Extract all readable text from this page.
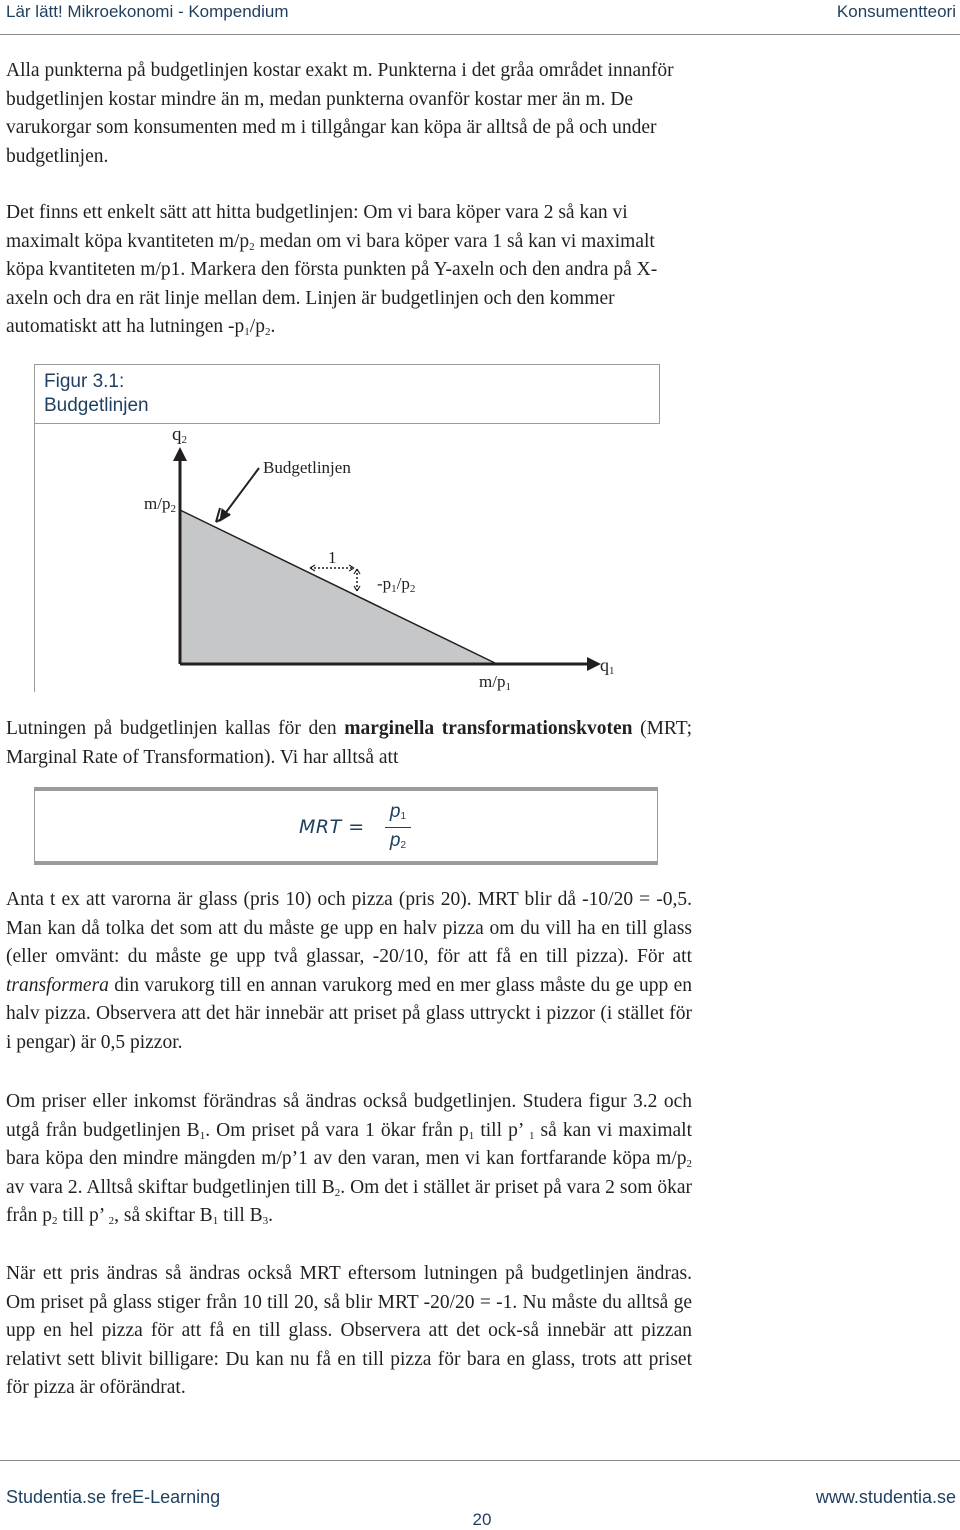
Lär lätt! Mikroekonomi - Kompendium	Konsumentteori

Alla punkterna på budgetlinjen kostar exakt m. Punkterna i det gråa området innanför budgetlinjen kostar mindre än m, medan punkterna ovanför kostar mer än m. De varukorgar som konsumenten med m i tillgångar kan köpa är alltså de på och under budgetlinjen.

Det finns ett enkelt sätt att hitta budgetlinjen: Om vi bara köper vara 2 så kan vi maximalt köpa kvantiteten $m/p_2$ medan om vi bara köper vara 1 så kan vi maximalt köpa kvantiteten m/p1. Markera den första punkten på Y-axeln och den andra på X-axeln och dra en rät linje mellan dem. Linjen är budgetlinjen och den kommer automatiskt att ha lutningen $-p_1/p_2$.

Figur 3.1:
Budgetlinjen
q2
m/p2
Budgetlinjen
1
-p1/p2
m/p1
q1

Lutningen på budgetlinjen kallas för den marginella transformationskvoten (MRT; Marginal Rate of Transformation). Vi har alltså att

MRT =
$p_1$
$p_2$

Anta t ex att varorna är glass (pris 10) och pizza (pris 20). MRT blir då -10/20 = -0,5. Man kan då tolka det som att du måste ge upp en halv pizza om du vill ha en till glass (eller omvänt: du måste ge upp två glassar, -20/10, för att få en till pizza). För att transformera din varukorg till en annan varukorg med en mer glass måste du ge upp en halv pizza. Observera att det här innebär att priset på glass uttryckt i pizzor (i stället för i pengar) är 0,5 pizzor.

Om priser eller inkomst förändras så ändras också budgetlinjen. Studera figur 3.2 och utgå från budgetlinjen $B_1$. Om priset på vara 1 ökar från $p_1$ till p’ $_1$ så kan vi maximalt bara köpa den mindre mängden m/p’1 av den varan, men vi kan fortfarande köpa $m/p_2$ av vara 2. Alltså skiftar budgetlinjen till $B_2$. Om det i stället är priset på vara 2 som ökar från $p_2$ till p’ $_2$, så skiftar $B_1$ till $B_3$.

När ett pris ändras så ändras också MRT eftersom lutningen på budgetlinjen ändras. Om priset på glass stiger från 10 till 20, så blir MRT -20/20 = -1. Nu måste du alltså ge upp en hel pizza för att få en till glass. Observera att det ock-så innebär att pizzan relativt sett blivit billigare: Du kan nu få en till pizza för bara en glass, trots att priset för pizza är oförändrat.

Studentia.se freE-Learning	www.studentia.se
20
